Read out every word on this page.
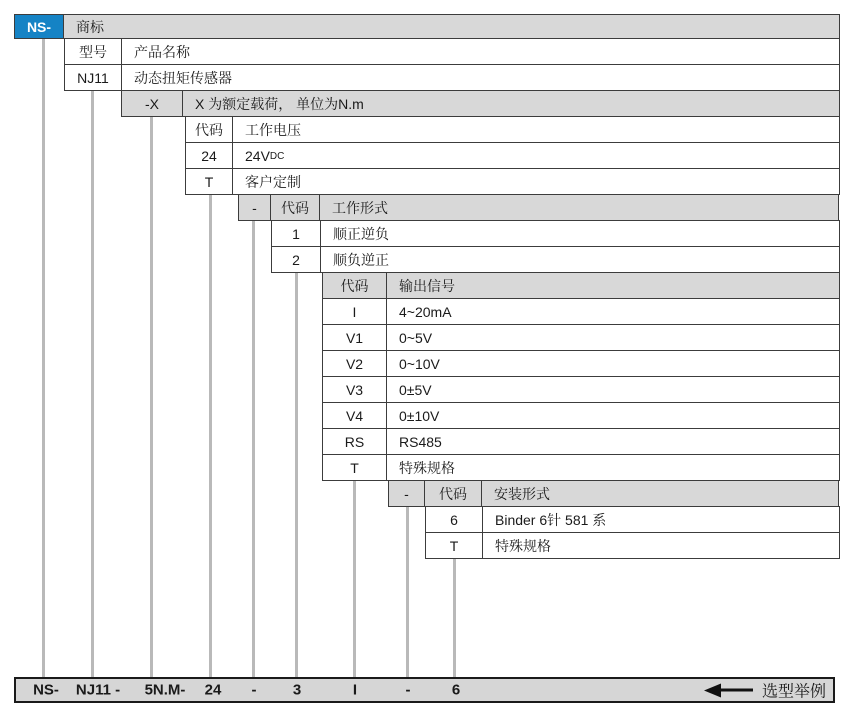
NS-	商标
型号	产品名称
NJ11	动态扭矩传感器
-X	X 为额定载荷， 单位为N.m
代码	工作电压
24	24V DC
T	客户定制
-	代码	工作形式
1	顺正逆负
2	顺负逆正
代码	输出信号
I	4~20mA
V1	0~5V
V2	0~10V
V3	0±5V
V4	0±10V
RS	RS485
T	特殊规格
-	代码	安装形式
6	Binder 6针 581 系
T	特殊规格
NS- NJ11 - 5N.M- 24 - 3	I	-	6	选型举例
